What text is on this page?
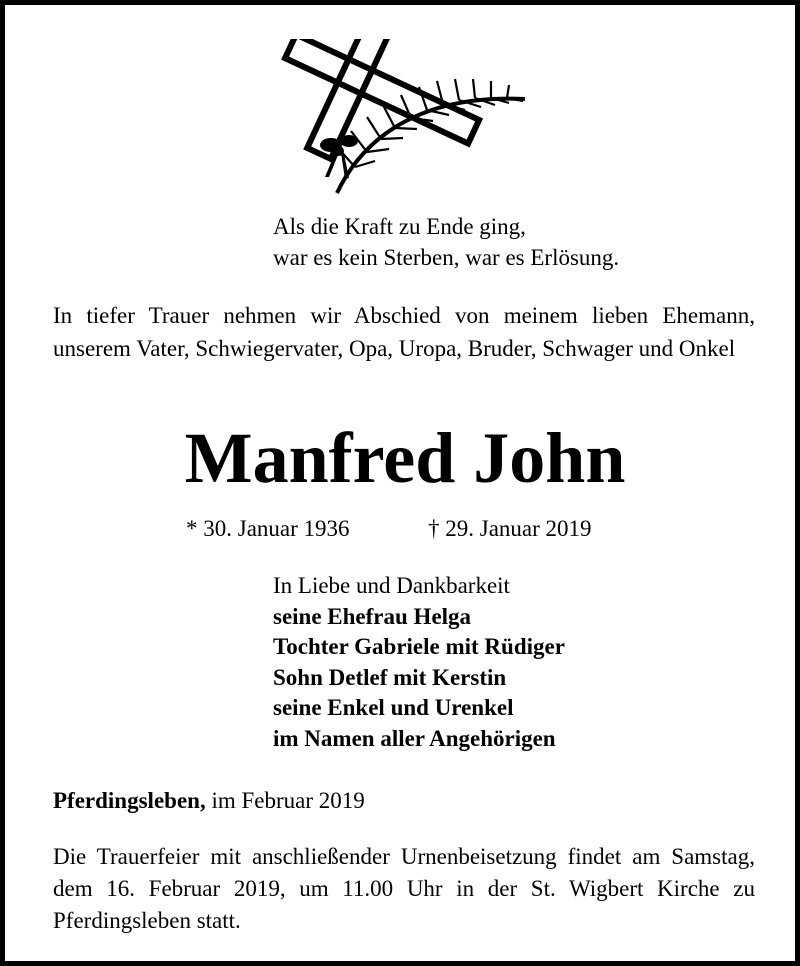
Als die Kraft zu Ende ging,
war es kein Sterben, war es Erlösung.
In tiefer Trauer nehmen wir Abschied von meinem lieben Ehemann, unserem Vater, Schwiegervater, Opa, Uropa, Bruder, Schwager und Onkel
Manfred John
* 30. Januar 1936	† 29. Januar 2019
In Liebe und Dankbarkeit
seine Ehefrau Helga
Tochter Gabriele mit Rüdiger
Sohn Detlef mit Kerstin
seine Enkel und Urenkel
im Namen aller Angehörigen
Pferdingsleben, im Februar 2019
Die Trauerfeier mit anschließender Urnenbeisetzung findet am Samstag, dem 16. Februar 2019, um 11.00 Uhr in der St. Wigbert Kirche zu Pferdingsleben statt.
